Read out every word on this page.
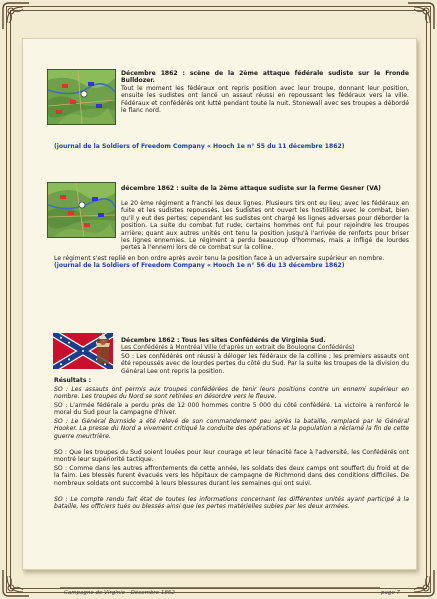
Décembre 1862 : scène de la 2ème attaque fédérale sudiste sur le Fronde Bulldozer.
Tout le moment les fédéraux ont repris position avec leur troupe, donnant leur position, ensuite les sudistes ont lancé un assaut réussi en repoussant les fédéraux vers la ville. Fédéraux et confédérés ont lutté pendant toute la nuit. Stonewall avec ses troupes a débordé le flanc nord.
(journal de la Soldiers of Freedom Company « Hooch 1e n° 55 du 11 décembre 1862)
décembre 1862 : suite de la 2ème attaque sudiste sur la ferme Gesner (VA)
Le 20 ème régiment a franchi les deux lignes. Plusieurs tirs ont eu lieu; avec les fédéraux en fuite et les sudistes repoussés. Les Sudistes ont ouvert les hostilités avec le combat, bien qu'il y eut des pertes; cependant les sudistes ont chargé les lignes adverses pour déborder la position. La suite du combat fut rude; certains hommes ont fui pour rejoindre les troupes arrière; quant aux autres unités ont tenu la position jusqu'à l'arrivée de renforts pour briser les lignes ennemies. Le régiment a perdu beaucoup d'hommes, mais a infligé de lourdes pertes à l'ennemi lors de ce combat sur la colline.
Le régiment s'est replié en bon ordre après avoir tenu la position face à un adversaire supérieur en nombre.
(journal de la Soldiers of Freedom Company « Hooch 1e n° 56 du 13 décembre 1862)
Décembre 1862 : Tous les sites Confédérés de Virginia Sud.
Les Confédérés à Montréal Ville (d'après un extrait de Boulogne Confédérés)
SO : Les confédérés ont réussi à déloger les fédéraux de la colline ; les premiers assauts ont été repoussés avec de lourdes pertes du côté du Sud. Par la suite les troupes de la division du Général Lee ont repris la position.
Résultats :
SO : Les assauts ont permis aux troupes confédérées de tenir leurs positions contre un ennemi supérieur en nombre. Les troupes du Nord se sont retirées en désordre vers le fleuve.
SO : L'armée fédérale a perdu près de 12 000 hommes contre 5 000 du côté confédéré. La victoire a renforcé le moral du Sud pour la campagne d'hiver.
SO : Le Général Burnside a été relevé de son commandement peu après la bataille, remplacé par le Général Hooker. La presse du Nord a vivement critiqué la conduite des opérations et la population a réclamé la fin de cette guerre meurtrière.
SO : Que les troupes du Sud soient louées pour leur courage et leur ténacité face à l'adversité, les Confédérés ont montré leur supériorité tactique.
SO : Comme dans les autres affrontements de cette année, les soldats des deux camps ont souffert du froid et de la faim. Les blessés furent évacués vers les hôpitaux de campagne de Richmond dans des conditions difficiles. De nombreux soldats ont succombé à leurs blessures durant les semaines qui ont suivi.
SO : Le compte rendu fait état de toutes les informations concernant les différentes unités ayant participé à la bataille, les officiers tués ou blessés ainsi que les pertes matérielles subies par les deux armées.
Campagne de Virginie - Décembre 1862	page 7
